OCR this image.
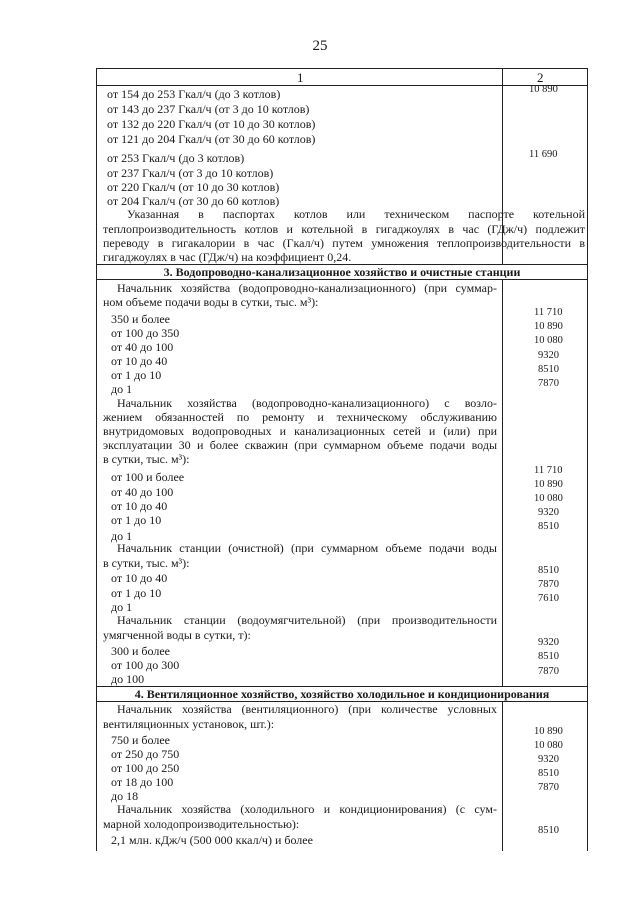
25
1	2
от 154 до 253 Гкал/ч (до 3 котлов)
от 143 до 237 Гкал/ч (от 3 до 10 котлов)
от 132 до 220 Гкал/ч (от 10 до 30 котлов)
от 121 до 204 Гкал/ч (от 30 до 60 котлов)
10 890
от 253 Гкал/ч (до 3 котлов)
от 237 Гкал/ч (от 3 до 10 котлов)
от 220 Гкал/ч (от 10 до 30 котлов)
от 204 Гкал/ч (от 30 до 60 котлов)
11 690
Указанная в паспортах котлов или техническом паспорте котельной
теплопроизводительность котлов и котельной в гигаджоулях в час (ГДж/ч) подлежит
переводу в гигакалории в час (Гкал/ч) путем умножения теплопроизводительности в
гигаджоулях в час (ГДж/ч) на коэффициент 0,24.
3. Водопроводно-канализационное хозяйство и очистные станции
Начальник хозяйства (водопроводно-канализационного) (при суммар-
ном объеме подачи воды в сутки, тыс. м³):
350 и более
от 100 до 350
от 40 до 100
от 10 до 40
от 1 до 10
до 1
11 710
10 890
10 080
9320
8510
7870
Начальник хозяйства (водопроводно-канализационного) с возло-
жением обязанностей по ремонту и техническому обслуживанию
внутридомовых водопроводных и канализационных сетей и (или) при
эксплуатации 30 и более скважин (при суммарном объеме подачи воды
в сутки, тыс. м³):
от 100 и более
от 40 до 100
от 10 до 40
от 1 до 10
до 1
11 710
10 890
10 080
9320
8510
Начальник станции (очистной) (при суммарном объеме подачи воды
в сутки, тыс. м³):
от 10 до 40
от 1 до 10
до 1
8510
7870
7610
Начальник станции (водоумягчительной) (при производительности
умягченной воды в сутки, т):
300 и более
от 100 до 300
до 100
9320
8510
7870
4. Вентиляционное хозяйство, хозяйство холодильное и кондиционирования
Начальник хозяйства (вентиляционного) (при количестве условных
вентиляционных установок, шт.):
750 и более
от 250 до 750
от 100 до 250
от 18 до 100
до 18
10 890
10 080
9320
8510
7870
Начальник хозяйства (холодильного и кондиционирования) (с сум-
марной холодопроизводительностью):
2,1 млн. кДж/ч (500 000 ккал/ч) и более
8510
